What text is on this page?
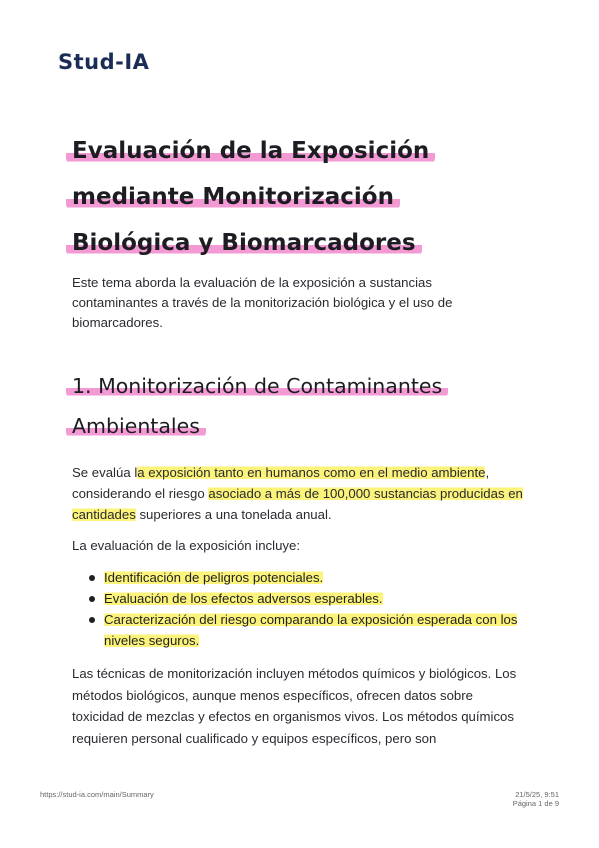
Stud-IA
Evaluación de la Exposición
mediante Monitorización
Biológica y Biomarcadores

Este tema aborda la evaluación de la exposición a sustancias contaminantes a través de la monitorización biológica y el uso de biomarcadores.

1. Monitorización de Contaminantes
Ambientales

Se evalúa la exposición tanto en humanos como en el medio ambiente, considerando el riesgo asociado a más de 100,000 sustancias producidas en cantidades superiores a una tonelada anual.

La evaluación de la exposición incluye:

Identificación de peligros potenciales.
Evaluación de los efectos adversos esperables.
Caracterización del riesgo comparando la exposición esperada con los niveles seguros.

Las técnicas de monitorización incluyen métodos químicos y biológicos. Los métodos biológicos, aunque menos específicos, ofrecen datos sobre toxicidad de mezclas y efectos en organismos vivos. Los métodos químicos requieren personal cualificado y equipos específicos, pero son

https://stud-ia.com/main/Summary	21/5/25, 9:51
Página 1 de 9
